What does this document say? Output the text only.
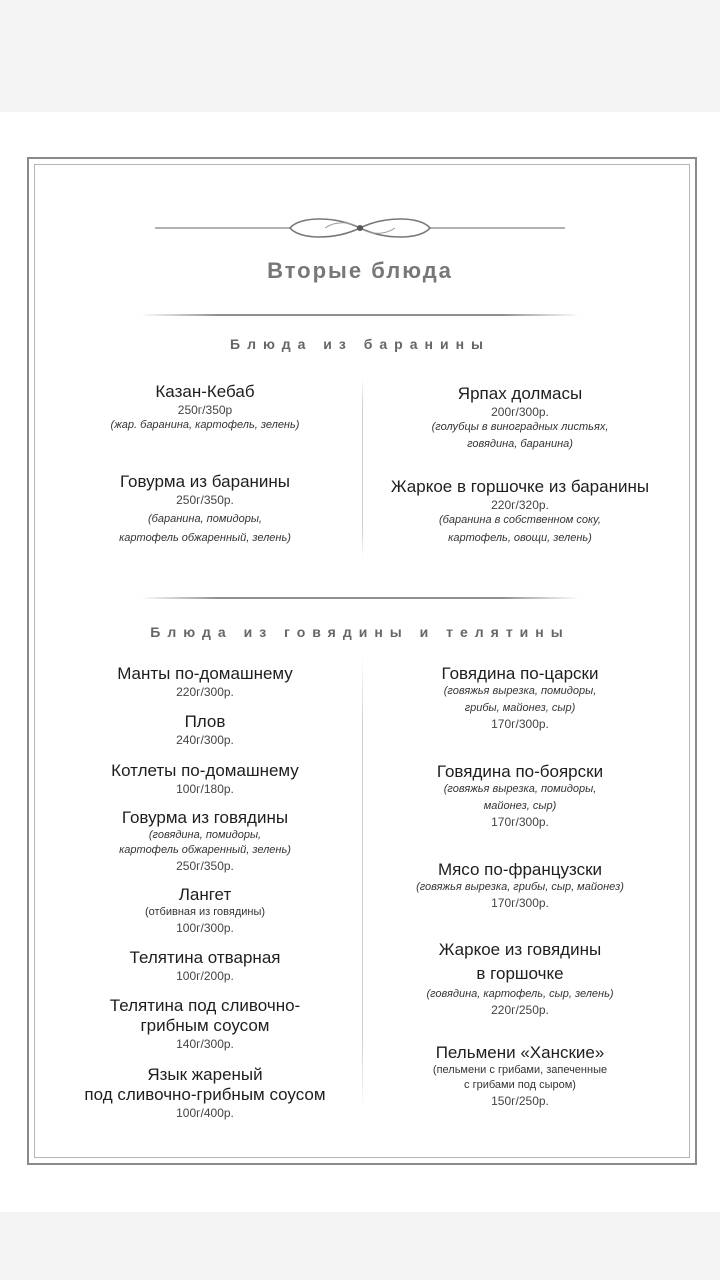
Вторые блюда
Блюда из баранины
Казан-Кебаб
250г/350р
(жар. баранина, картофель, зелень)
Говурма из баранины
250г/350р.
(баранина, помидоры,
картофель обжаренный, зелень)
Ярпах долмасы
200г/300р.
(голубцы в виноградных листьях,
говядина, баранина)
Жаркое в горшочке из баранины
220г/320р.
(баранина в собственном соку,
картофель, овощи, зелень)
Блюда из говядины и телятины
Манты по-домашнему
220г/300р.
Плов
240г/300р.
Котлеты по-домашнему
100г/180р.
Говурма из говядины
(говядина, помидоры,
картофель обжаренный, зелень)
250г/350р.
Лангет
(отбивная из говядины)
100г/300р.
Телятина отварная
100г/200р.
Телятина под сливочно-
грибным соусом
140г/300р.
Язык жареный
под сливочно-грибным соусом
100г/400р.
Говядина по-царски
(говяжья вырезка, помидоры,
грибы, майонез, сыр)
170г/300р.
Говядина по-боярски
(говяжья вырезка, помидоры,
майонез, сыр)
170г/300р.
Мясо по-французски
(говяжья вырезка, грибы, сыр, майонез)
170г/300р.
Жаркое из говядины
в горшочке
(говядина, картофель, сыр, зелень)
220г/250р.
Пельмени «Ханские»
(пельмени с грибами, запеченные
с грибами под сыром)
150г/250р.
